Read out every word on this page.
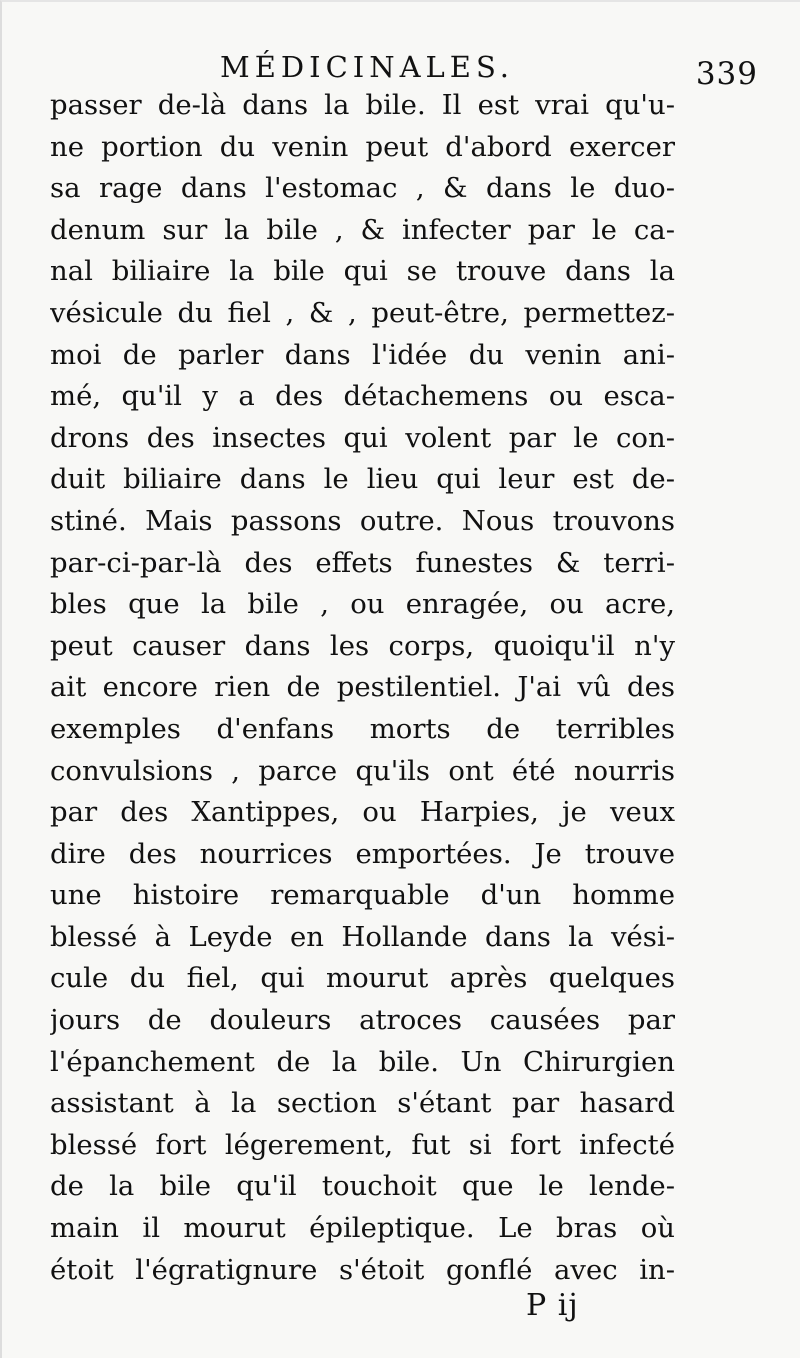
MÉDICINALES.	339
passer de-là dans la bile. Il est vrai qu'u-
ne portion du venin peut d'abord exercer
sa rage dans l'estomac , & dans le duo-
denum sur la bile , & infecter par le ca-
nal biliaire la bile qui se trouve dans la
vésicule du fiel , & , peut-être, permettez-
moi de parler dans l'idée du venin ani-
mé, qu'il y a des détachemens ou esca-
drons des insectes qui volent par le con-
duit biliaire dans le lieu qui leur est de-
stiné. Mais passons outre. Nous trouvons
par-ci-par-là des effets funestes & terri-
bles que la bile , ou enragée, ou acre,
peut causer dans les corps, quoiqu'il n'y
ait encore rien de pestilentiel. J'ai vû des
exemples d'enfans morts de terribles
convulsions , parce qu'ils ont été nourris
par des Xantippes, ou Harpies, je veux
dire des nourrices emportées. Je trouve
une histoire remarquable d'un homme
blessé à Leyde en Hollande dans la vési-
cule du fiel, qui mourut après quelques
jours de douleurs atroces causées par
l'épanchement de la bile. Un Chirurgien
assistant à la section s'étant par hasard
blessé fort légerement, fut si fort infecté
de la bile qu'il touchoit que le lende-
main il mourut épileptique. Le bras où
étoit l'égratignure s'étoit gonflé avec in-
P ij
